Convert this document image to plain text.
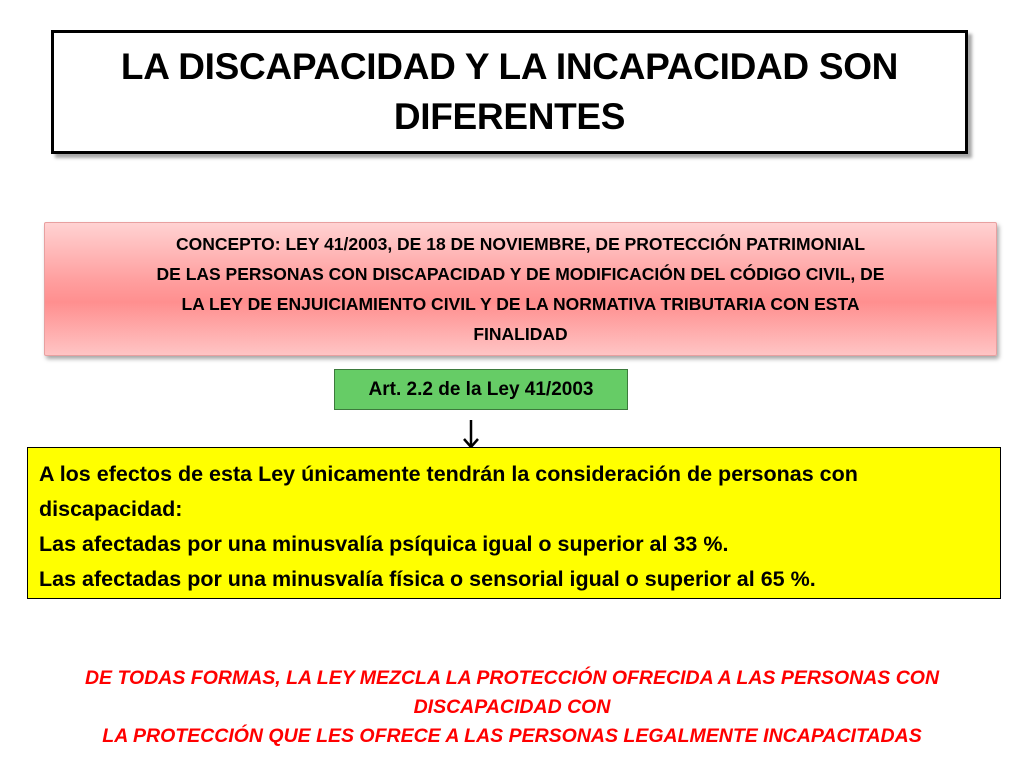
LA DISCAPACIDAD Y LA INCAPACIDAD SON
DIFERENTES
CONCEPTO: LEY 41/2003, DE 18 DE NOVIEMBRE, DE PROTECCIÓN PATRIMONIAL
DE LAS PERSONAS CON DISCAPACIDAD Y DE MODIFICACIÓN DEL CÓDIGO CIVIL, DE
LA LEY DE ENJUICIAMIENTO CIVIL Y DE LA NORMATIVA TRIBUTARIA CON ESTA
FINALIDAD
Art. 2.2 de la Ley 41/2003
A los efectos de esta Ley únicamente tendrán la consideración de personas con
discapacidad:
Las afectadas por una minusvalía psíquica igual o superior al 33 %.
Las afectadas por una minusvalía física o sensorial igual o superior al 65 %.
DE TODAS FORMAS, LA LEY MEZCLA LA PROTECCIÓN OFRECIDA A LAS PERSONAS CON
DISCAPACIDAD CON
LA PROTECCIÓN QUE LES OFRECE A LAS PERSONAS LEGALMENTE INCAPACITADAS
